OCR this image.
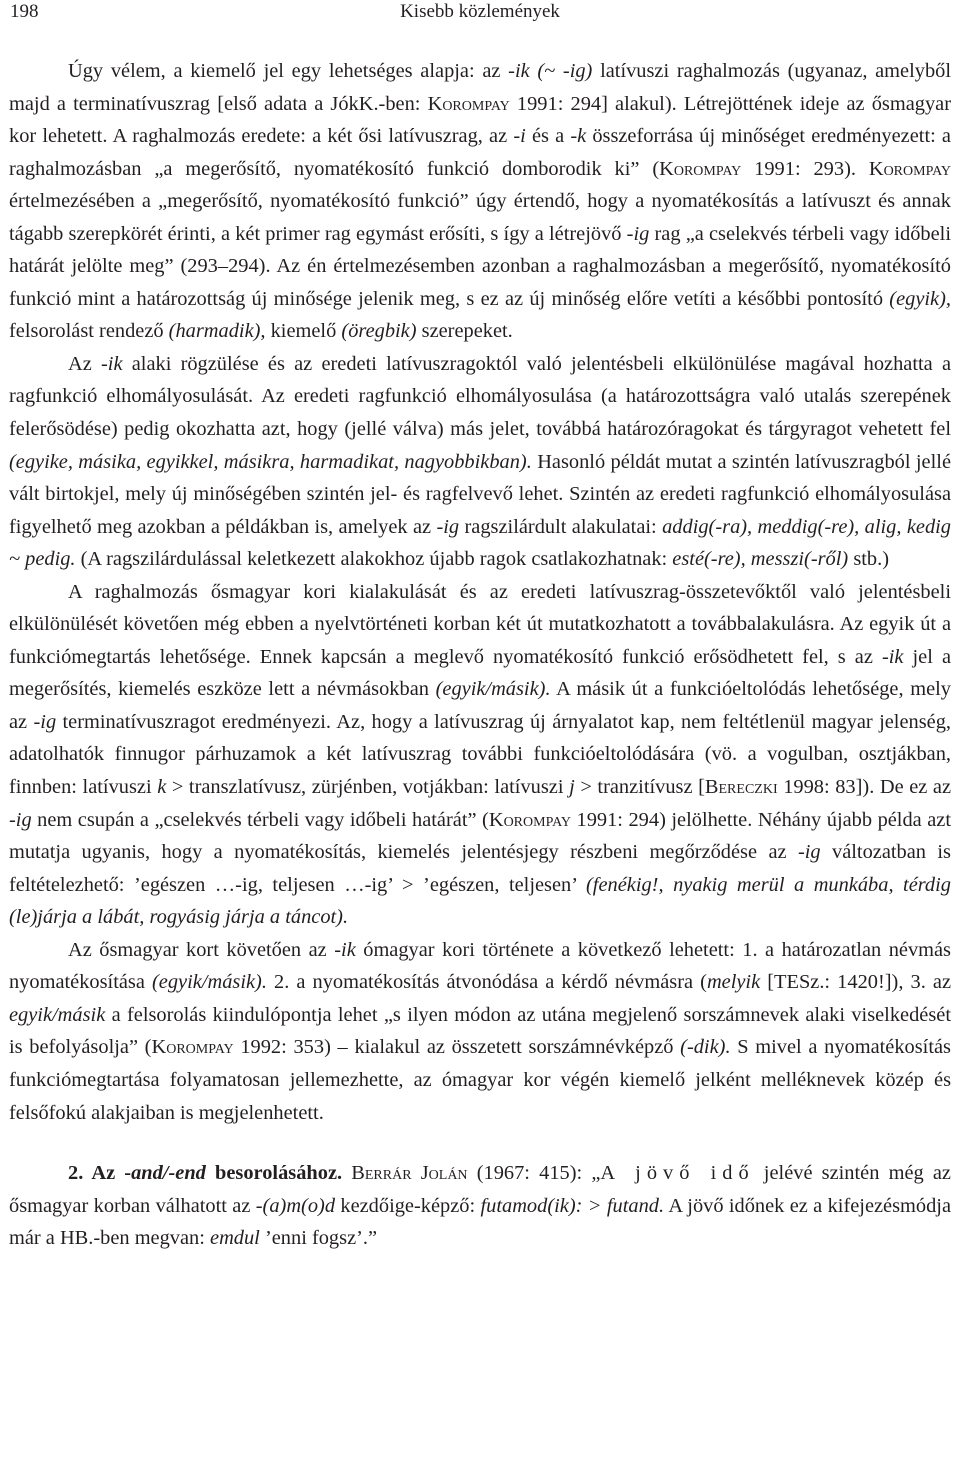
198	Kisebb közlemények

Úgy vélem, a kiemelő jel egy lehetséges alapja: az -ik (~ -ig) latívuszi raghalmozás (ugyanaz, amelyből majd a terminatívuszrag [első adata a JókK.-ben: Korompay 1991: 294] alakul). Létrejöttének ideje az ősmagyar kor lehetett. A raghalmozás eredete: a két ősi latívuszrag, az -i és a -k összeforrása új minőséget eredményezett: a raghalmozásban „a megerősítő, nyomatékosító funkció domborodik ki” (Korompay 1991: 293). Korompay értelmezésében a „megerősítő, nyomatékosító funkció” úgy értendő, hogy a nyomatékosítás a latívuszt és annak tágabb szerepkörét érinti, a két primer rag egymást erősíti, s így a létrejövő -ig rag „a cselekvés térbeli vagy időbeli határát jelölte meg” (293–294). Az én értelmezésemben azonban a raghalmozásban a megerősítő, nyomatékosító funkció mint a határozottság új minősége jelenik meg, s ez az új minőség előre vetíti a későbbi pontosító (egyik), felsorolást rendező (harmadik), kiemelő (öregbik) szerepeket.

Az -ik alaki rögzülése és az eredeti latívuszragoktól való jelentésbeli elkülönülése magával hozhatta a ragfunkció elhomályosulását. Az eredeti ragfunkció elhomályosulása (a határozottságra való utalás szerepének felerősödése) pedig okozhatta azt, hogy (jellé válva) más jelet, továbbá határozóragokat és tárgyragot vehetett fel (egyike, másika, egyikkel, másikra, harmadikat, nagyobbikban). Hasonló példát mutat a szintén latívuszragból jellé vált birtokjel, mely új minőségében szintén jel- és ragfelvevő lehet. Szintén az eredeti ragfunkció elhomályosulása figyelhető meg azokban a példákban is, amelyek az -ig ragszilárdult alakulatai: addig(-ra), meddig(-re), alig, kedig ~ pedig. (A ragszilárdulással keletkezett alakokhoz újabb ragok csatlakozhatnak: esté(-re), messzi(-ről) stb.)

A raghalmozás ősmagyar kori kialakulását és az eredeti latívuszrag-összetevőktől való jelentésbeli elkülönülését követően még ebben a nyelvtörténeti korban két út mutatkozhatott a továbbalakulásra. Az egyik út a funkciómegtartás lehetősége. Ennek kapcsán a meglevő nyomatékosító funkció erősödhetett fel, s az -ik jel a megerősítés, kiemelés eszköze lett a névmásokban (egyik/másik). A másik út a funkcióeltolódás lehetősége, mely az -ig terminatívuszragot eredményezi. Az, hogy a latívuszrag új árnyalatot kap, nem feltétlenül magyar jelenség, adatolhatók finnugor párhuzamok a két latívuszrag további funkcióeltolódására (vö. a vogulban, osztjákban, finnben: latívuszi k > transzlatívusz, zürjénben, votjákban: latívuszi j > tranzitívusz [Bereczki 1998: 83]). De ez az -ig nem csupán a „cselekvés térbeli vagy időbeli határát” (Korompay 1991: 294) jelölhette. Néhány újabb példa azt mutatja ugyanis, hogy a nyomatékosítás, kiemelés jelentésjegy részbeni megőrződése az -ig változatban is feltételezhető: ’egészen …-ig, teljesen …-ig’ > ’egészen, teljesen’ (fenékig!, nyakig merül a munkába, térdig (le)járja a lábát, rogyásig járja a táncot).

Az ősmagyar kort követően az -ik ómagyar kori története a következő lehetett: 1. a határozatlan névmás nyomatékosítása (egyik/másik). 2. a nyomatékosítás átvonódása a kérdő névmásra (melyik [TESz.: 1420!]), 3. az egyik/másik a felsorolás kiindulópontja lehet „s ilyen módon az utána megjelenő sorszámnevek alaki viselkedését is befolyásolja” (Korompay 1992: 353) – kialakul az összetett sorszámnévképző (-dik). S mivel a nyomatékosítás funkciómegtartása folyamatosan jellemezhette, az ómagyar kor végén kiemelő jelként melléknevek közép és felsőfokú alakjaiban is megjelenhetett.

2. Az -and/-end besorolásához. Berrár Jolán (1967: 415): „A jövő idő jelévé szintén még az ősmagyar korban válhatott az -(a)m(o)d kezdőige-képző: futamod(ik): > futand. A jövő időnek ez a kifejezésmódja már a HB.-ben megvan: emdul ’enni fogsz’.”
